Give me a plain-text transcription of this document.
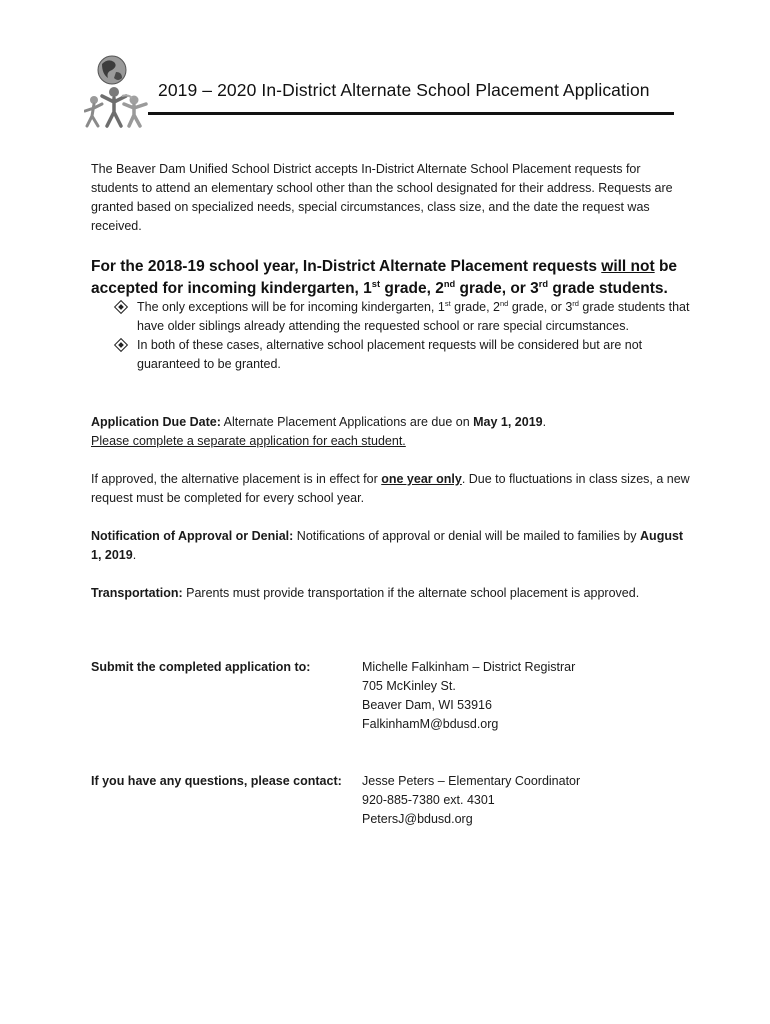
2019 – 2020 In-District Alternate School Placement Application
The Beaver Dam Unified School District accepts In-District Alternate School Placement requests for students to attend an elementary school other than the school designated for their address. Requests are granted based on specialized needs, special circumstances, class size, and the date the request was received.
For the 2018-19 school year, In-District Alternate Placement requests will not be accepted for incoming kindergarten, 1st grade, 2nd grade, or 3rd grade students.
The only exceptions will be for incoming kindergarten, 1st grade, 2nd grade, or 3rd grade students that have older siblings already attending the requested school or rare special circumstances.
In both of these cases, alternative school placement requests will be considered but are not guaranteed to be granted.
Application Due Date: Alternate Placement Applications are due on May 1, 2019.
Please complete a separate application for each student.
If approved, the alternative placement is in effect for one year only. Due to fluctuations in class sizes, a new request must be completed for every school year.
Notification of Approval or Denial: Notifications of approval or denial will be mailed to families by August 1, 2019.
Transportation: Parents must provide transportation if the alternate school placement is approved.
Submit the completed application to:	Michelle Falkinham – District Registrar
705 McKinley St.
Beaver Dam, WI 53916
FalkinhamM@bdusd.org
If you have any questions, please contact: Jesse Peters – Elementary Coordinator
920-885-7380 ext. 4301
PetersJ@bdusd.org
